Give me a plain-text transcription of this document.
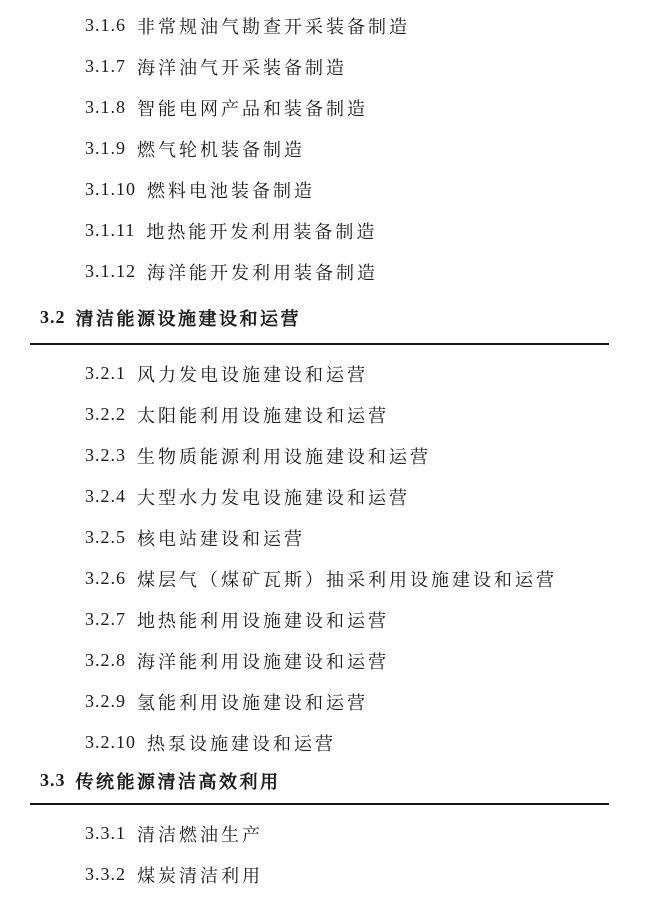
3.1.6 非常规油气勘查开采装备制造
3.1.7 海洋油气开采装备制造
3.1.8 智能电网产品和装备制造
3.1.9 燃气轮机装备制造
3.1.10 燃料电池装备制造
3.1.11 地热能开发利用装备制造
3.1.12 海洋能开发利用装备制造
3.2 清洁能源设施建设和运营
3.2.1 风力发电设施建设和运营
3.2.2 太阳能利用设施建设和运营
3.2.3 生物质能源利用设施建设和运营
3.2.4 大型水力发电设施建设和运营
3.2.5 核电站建设和运营
3.2.6 煤层气（煤矿瓦斯）抽采利用设施建设和运营
3.2.7 地热能利用设施建设和运营
3.2.8 海洋能利用设施建设和运营
3.2.9 氢能利用设施建设和运营
3.2.10 热泵设施建设和运营
3.3 传统能源清洁高效利用
3.3.1 清洁燃油生产
3.3.2 煤炭清洁利用
